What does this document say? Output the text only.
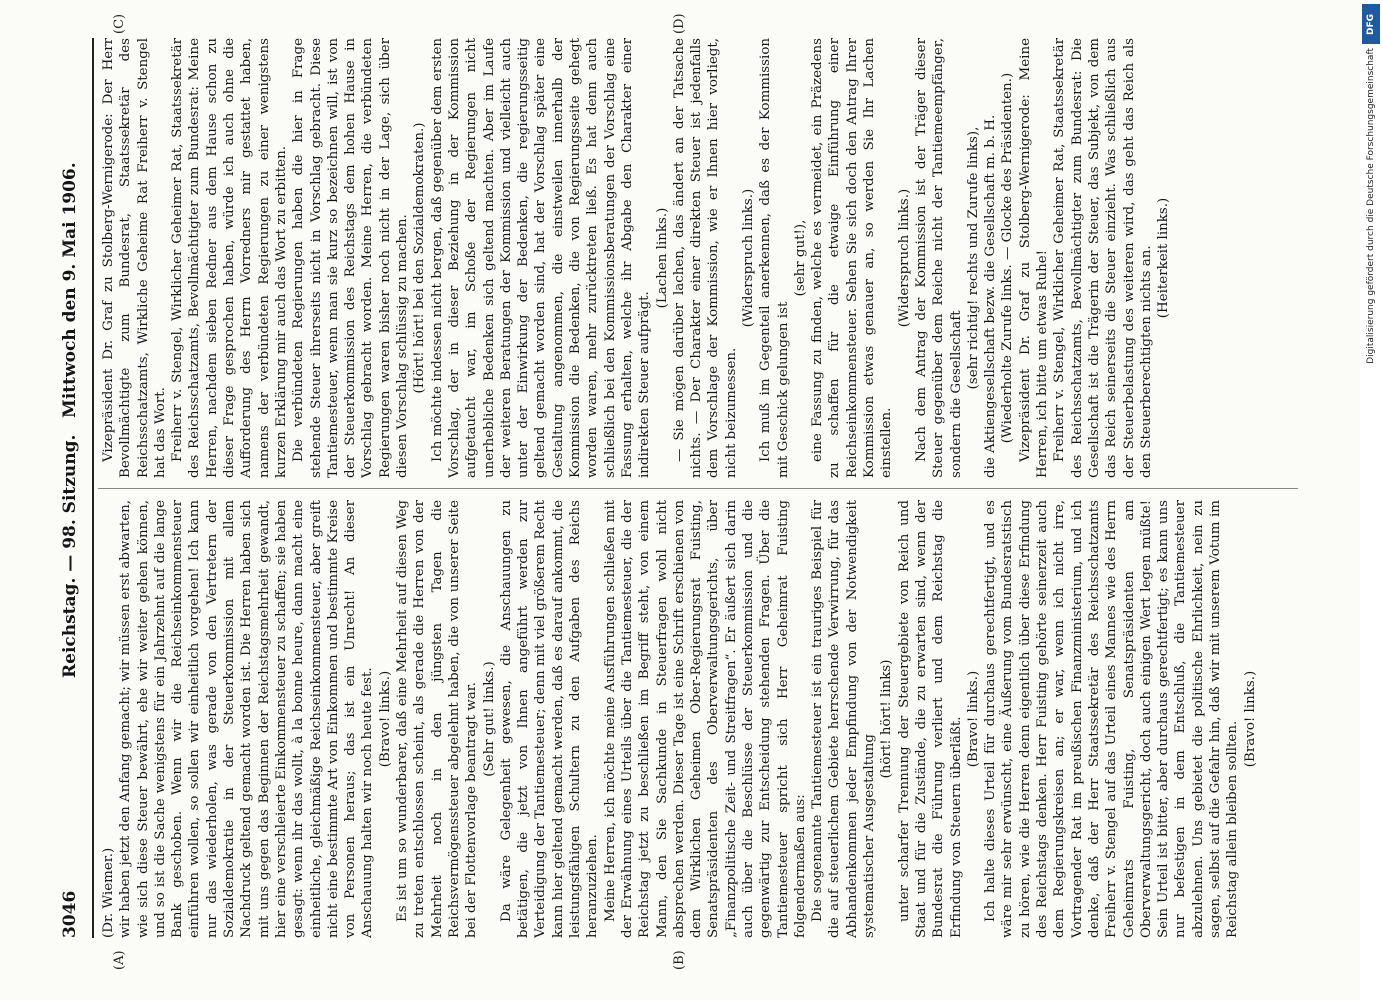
3046
Reichstag. — 98. Sitzung.
Mittwoch den 9. Mai 1906.
(A)	(B)
(C)	(D)

(Dr. Wiemer.) wir haben jetzt den Anfang gemacht; wir müssen erst abwarten, wie sich diese Steuer bewährt, ehe wir weiter gehen können, und so ist die Sache wenigstens für ein Jahrzehnt auf die lange Bank geschoben. Wenn wir die Reichseinkommensteuer einführen wollen, so sollen wir einheitlich vorgehen! Ich kann nur das wiederholen, was gerade von den Vertretern der Sozialdemokratie in der Steuerkommission mit allem Nachdruck geltend gemacht worden ist. Die Herren haben sich mit uns gegen das Beginnen der Reichstagsmehrheit gewandt, hier eine verschleierte Einkommensteuer zu schaffen; sie haben gesagt: wenn ihr das wollt, à la bonne heure, dann macht eine einheitliche, gleichmäßige Reichseinkommensteuer, aber greift nicht eine bestimmte Art von Einkommen und bestimmte Kreise von Personen heraus; das ist ein Unrecht! An dieser Anschauung halten wir noch heute fest. (Bravo! links.) Es ist um so wunderbarer, daß eine Mehrheit auf diesen Weg zu treten entschlossen scheint, als gerade die Herren von der Mehrheit noch in den jüngsten Tagen die Reichsvermögenssteuer abgelehnt haben, die von unserer Seite bei der Flottenvorlage beantragt war. (Sehr gut! links.) Da wäre Gelegenheit gewesen, die Anschauungen zu betätigen, die jetzt von Ihnen angeführt werden zur Verteidigung der Tantiemesteuer; denn mit viel größerem Recht kann hier geltend gemacht werden, daß es darauf ankommt, die leistungsfähigen Schultern zu den Aufgaben des Reichs heranzuziehen. Meine Herren, ich möchte meine Ausführungen schließen mit der Erwähnung eines Urteils über die Tantiemesteuer, die der Reichstag jetzt zu beschließen im Begriff steht, von einem Mann, den Sie Sachkunde in Steuerfragen wohl nicht absprechen werden. Dieser Tage ist eine Schrift erschienen von dem Wirklichen Geheimen Ober-Regierungsrat Fuisting, Senatspräsidenten des Oberverwaltungsgerichts, über „Finanzpolitische Zeit- und Streitfragen“. Er äußert sich darin auch über die Beschlüsse der Steuerkommission und die gegenwärtig zur Entscheidung stehenden Fragen. Über die Tantiemesteuer spricht sich Herr Geheimrat Fuisting folgendermaßen aus: Die sogenannte Tantiemesteuer ist ein trauriges Beispiel für die auf steuerlichem Gebiete herrschende Verwirrung, für das Abhandenkommen jeder Empfindung von der Notwendigkeit systematischer Ausgestaltung

(hört! hört! links) unter scharfer Trennung der Steuergebiete von Reich und Staat und für die Zustände, die zu erwarten sind, wenn der Bundesrat die Führung verliert und dem Reichstag die Erfindung von Steuern überläßt. (Bravo! links.) Ich halte dieses Urteil für durchaus gerechtfertigt, und es wäre mir sehr erwünscht, eine Äußerung vom Bundesratstisch zu hören, wie die Herren denn eigentlich über diese Erfindung des Reichstags denken. Herr Fuisting gehörte seinerzeit auch dem Regierungskreisen an; er war, wenn ich nicht irre, Vortragender Rat im preußischen Finanzministerium, und ich denke, daß der Herr Staatssekretär des Reichsschatzamts Freiherr v. Stengel auf das Urteil eines Mannes wie des Herrn Geheimrats Fuisting, Senatspräsidenten am Oberverwaltungsgericht, doch auch einigen Wert legen müßte! Sein Urteil ist bitter, aber durchaus gerechtfertigt; es kann uns nur befestigen in dem Entschluß, die Tantiemesteuer abzulehnen. Uns gebietet die politische Ehrlichkeit, nein zu sagen, selbst auf die Gefahr hin, daß wir mit unserem Votum im Reichstag allein bleiben sollten.

(Bravo! links.)

Vizepräsident Dr. Graf zu Stolberg-Wernigerode: Der Herr Bevollmächtigte zum Bundesrat, Staatssekretär des Reichsschatzamts, Wirkliche Geheime Rat Freiherr v. Stengel hat das Wort. Freiherr v. Stengel, Wirklicher Geheimer Rat, Staatssekretär des Reichsschatzamts, Bevollmächtigter zum Bundesrat: Meine Herren, nachdem sieben Redner aus dem Hause schon zu dieser Frage gesprochen haben, würde ich auch ohne die Aufforderung des Herrn Vorredners mir gestattet haben, namens der verbündeten Regierungen zu einer wenigstens kurzen Erklärung mir auch das Wort zu erbitten. Die verbündeten Regierungen haben die hier in Frage stehende Steuer ihrerseits nicht in Vorschlag gebracht. Diese Tantiemesteuer, wenn man sie kurz so bezeichnen will, ist von der Steuerkommission des Reichstags dem hohen Hause in Vorschlag gebracht worden. Meine Herren, die verbündeten Regierungen waren bisher noch nicht in der Lage, sich über diesen Vorschlag schlüssig zu machen. (Hört! hört! bei den Sozialdemokraten.) Ich möchte indessen nicht bergen, daß gegenüber dem ersten Vorschlag, der in dieser Beziehung in der Kommission aufgetaucht war, im Schoße der Regierungen nicht unerhebliche Bedenken sich geltend machten. Aber im Laufe der weiteren Beratungen der Kommission und vielleicht auch unter der Einwirkung der Bedenken, die regierungsseitig geltend gemacht worden sind, hat der Vorschlag später eine Gestaltung angenommen, die einstweilen innerhalb der Kommission die Bedenken, die von Regierungsseite gehegt worden waren, mehr zurücktreten ließ. Es hat denn auch schließlich bei den Kommissionsberatungen der Vorschlag eine Fassung erhalten, welche ihr Abgabe den Charakter einer indirekten Steuer aufprägt.

(Lachen links.) — Sie mögen darüber lachen, das ändert an der Tatsache nichts. — Der Charakter einer direkten Steuer ist jedenfalls dem Vorschlage der Kommission, wie er Ihnen hier vorliegt, nicht beizumessen.

(Widerspruch links.) Ich muß im Gegenteil anerkennen, daß es der Kommission mit Geschick gelungen ist

(sehr gut!), eine Fassung zu finden, welche es vermeidet, ein Präzedens zu schaffen für die etwaige Einführung einer Reichseinkommensteuer. Sehen Sie sich doch den Antrag Ihrer Kommission etwas genauer an, so werden Sie Ihr Lachen einstellen.

(Widerspruch links.) Nach dem Antrag der Kommission ist der Träger dieser Steuer gegenüber dem Reiche nicht der Tantiemeempfänger, sondern die Gesellschaft

(sehr richtig! rechts und Zurufe links), die Aktiengesellschaft bezw. die Gesellschaft m. b. H. (Wiederholte Zurufe links. — Glocke des Präsidenten.) Vizepräsident Dr. Graf zu Stolberg-Wernigerode: Meine Herren, ich bitte um etwas Ruhe! Freiherr v. Stengel, Wirklicher Geheimer Rat, Staatssekretär des Reichsschatzamts, Bevollmächtigter zum Bundesrat: Die Gesellschaft ist die Trägerin der Steuer, das Subjekt, von dem das Reich seinerseits die Steuer einzieht. Was schließlich aus der Steuerbelastung des weiteren wird, das geht das Reich als den Steuerberechtigten nichts an. (Heiterkeit links.)

DFG
Digitalisierung gefördert durch die Deutsche Forschungsgemeinschaft
